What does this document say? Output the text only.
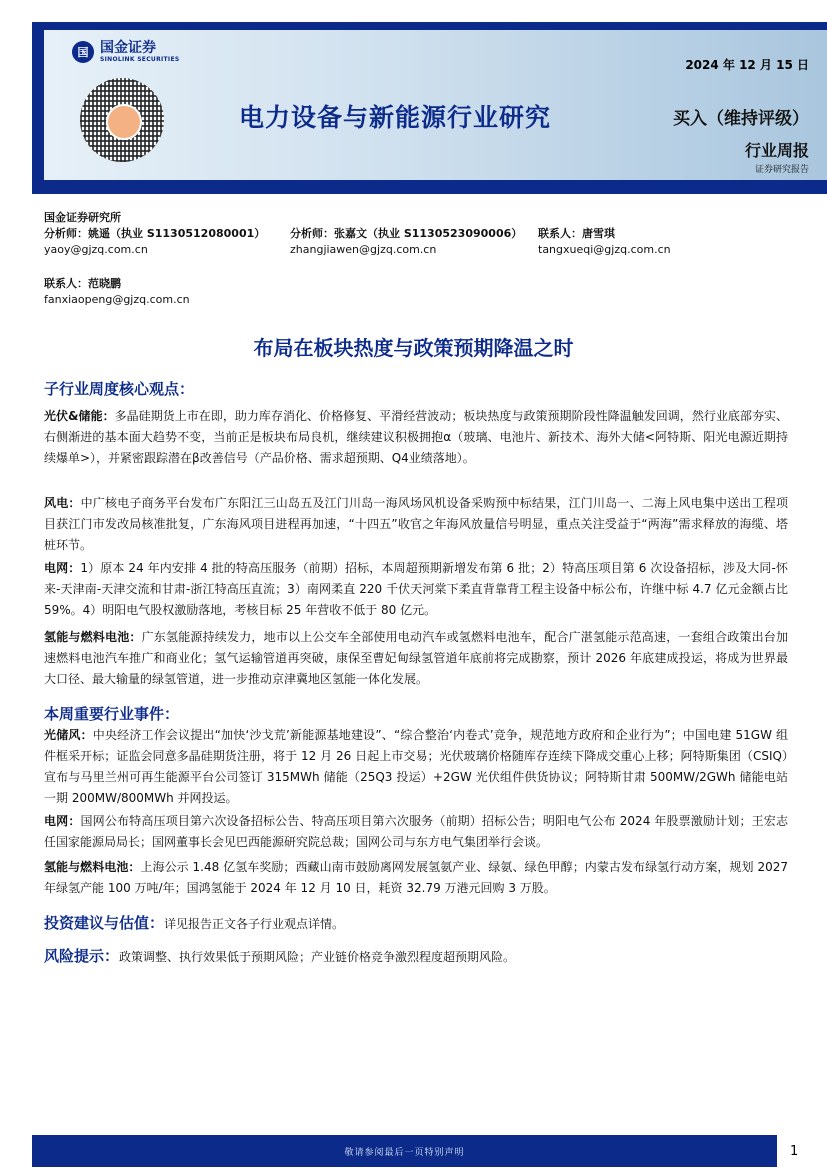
国 国金证券
SINOLINK SECURITIES	2024 年 12 月 15 日
电力设备与新能源行业研究	买入（维持评级）
行业周报
证券研究报告
国金证券研究所
分析师：姚遥（执业 S1130512080001）
yaoy@gjzq.com.cn
分析师：张嘉文（执业 S1130523090006）
zhangjiawen@gjzq.com.cn
联系人：唐雪琪
tangxueqi@gjzq.com.cn
联系人：范晓鹏
fanxiaopeng@gjzq.com.cn
布局在板块热度与政策预期降温之时
子行业周度核心观点：
光伏&储能：多晶硅期货上市在即，助力库存消化、价格修复、平滑经营波动；板块热度与政策预期阶段性降温触发回调，然行业底部夯实、右侧渐进的基本面大趋势不变，当前正是板块布局良机，继续建议积极拥抱α（玻璃、电池片、新技术、海外大储<阿特斯、阳光电源近期持续爆单>），并紧密跟踪潜在β改善信号（产品价格、需求超预期、Q4业绩落地）。
风电：中广核电子商务平台发布广东阳江三山岛五及江门川岛一海风场风机设备采购预中标结果，江门川岛一、二海上风电集中送出工程项目获江门市发改局核准批复，广东海风项目进程再加速，“十四五”收官之年海风放量信号明显，重点关注受益于“两海”需求释放的海缆、塔桩环节。
电网：1）原本 24 年内安排 4 批的特高压服务（前期）招标，本周超预期新增发布第 6 批；2）特高压项目第 6 次设备招标，涉及大同-怀来-天津南-天津交流和甘肃-浙江特高压直流；3）南网柔直 220 千伏天河棠下柔直背靠背工程主设备中标公布，许继中标 4.7 亿元金额占比 59%。4）明阳电气股权激励落地，考核目标 25 年营收不低于 80 亿元。
氢能与燃料电池：广东氢能源持续发力，地市以上公交车全部使用电动汽车或氢燃料电池车，配合广湛氢能示范高速，一套组合政策出台加速燃料电池汽车推广和商业化；氢气运输管道再突破，康保至曹妃甸绿氢管道年底前将完成勘察，预计 2026 年底建成投运，将成为世界最大口径、最大输量的绿氢管道，进一步推动京津冀地区氢能一体化发展。
本周重要行业事件：
光储风：中央经济工作会议提出“加快‘沙戈荒’新能源基地建设”、“综合整治‘内卷式’竞争，规范地方政府和企业行为”；中国电建 51GW 组件框采开标；证监会同意多晶硅期货注册，将于 12 月 26 日起上市交易；光伏玻璃价格随库存连续下降成交重心上移；阿特斯集团（CSIQ）宣布与马里兰州可再生能源平台公司签订 315MWh 储能（25Q3 投运）+2GW 光伏组件供货协议；阿特斯甘肃 500MW/2GWh 储能电站一期 200MW/800MWh 并网投运。
电网：国网公布特高压项目第六次设备招标公告、特高压项目第六次服务（前期）招标公告；明阳电气公布 2024 年股票激励计划；王宏志任国家能源局局长；国网董事长会见巴西能源研究院总裁；国网公司与东方电气集团举行会谈。
氢能与燃料电池：上海公示 1.48 亿氢车奖励；西藏山南市鼓励离网发展氢氨产业、绿氨、绿色甲醇；内蒙古发布绿氢行动方案，规划 2027 年绿氢产能 100 万吨/年；国鸿氢能于 2024 年 12 月 10 日，耗资 32.79 万港元回购 3 万股。
投资建议与估值：详见报告正文各子行业观点详情。
风险提示：政策调整、执行效果低于预期风险；产业链价格竞争激烈程度超预期风险。
敬请参阅最后一页特别声明	1
